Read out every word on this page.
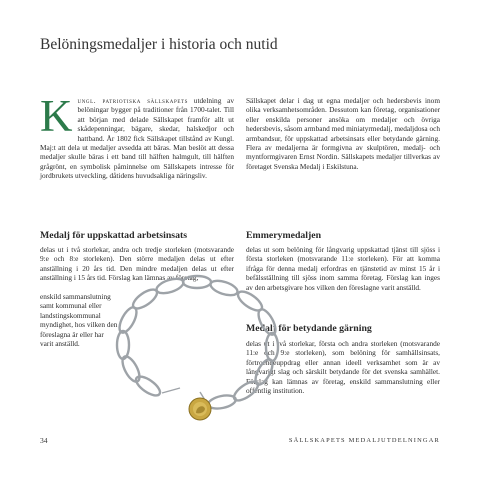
Belöningsmedaljer i historia och nutid

Kungl. patriotiska sällskapets utdelning av belöningar bygger på traditioner från 1700-talet. Till att början med delade Sällskapet framför allt ut skådepenningar, bägare, skedar, halskedjor och hattband. År 1802 fick Sällskapet tillstånd av Kungl. Maj:t att dela ut medaljer avsedda att bäras. Man beslöt att dessa medaljer skulle bäras i ett band till hälften halmgult, till hälften grågrönt, en symbolisk påminnelse om Sällskapets intresse för jordbrukets utveckling, dåtidens huvudsakliga näringsliv.

Sällskapet delar i dag ut egna medaljer och hedersbevis inom olika verksamhetsområden. Dessutom kan företag, organisationer eller enskilda personer ansöka om medaljer och övriga hedersbevis, såsom armband med miniatyrmedalj, medaljdosa och armbandsur, för uppskattad arbetsinsats eller betydande gärning. Flera av medaljerna är formgivna av skulptören, medalj- och myntformgivaren Ernst Nordin. Sällskapets medaljer tillverkas av företaget Svenska Medalj i Eskilstuna.

Medalj för uppskattad arbetsinsats

delas ut i två storlekar, andra och tredje storleken (motsvarande 9:e och 8:e storleken). Den större medaljen delas ut efter anställning i 20 års tid. Den mindre medaljen delas ut efter anställning i 15 års tid. Förslag kan lämnas av företag,

enskild sammanslutning samt kommunal eller landstingskommunal myndighet, hos vilken den föreslagna är eller har varit anställd.

Emmerymedaljen

delas ut som belöning för långvarig uppskattad tjänst till sjöss i första storleken (motsvarande 11:e storleken). För att komma ifråga för denna medalj erfordras en tjänstetid av minst 15 år i befälsställning till sjöss inom samma företag. Förslag kan inges av den arbetsgivare hos vilken den föreslagne varit anställd.

Medalj för betydande gärning

delas ut i två storlekar, första och andra storleken (motsvarande 11:e och 9:e storleken), som belöning för samhällsinsats, förtroendeuppdrag eller annan ideell verksamhet som är av långvarigt slag och särskilt betydande för det svenska samhället. Förslag kan lämnas av företag, enskild sammanslutning eller offentlig institution.

34	SÄLLSKAPETS MEDALJUTDELNINGAR
